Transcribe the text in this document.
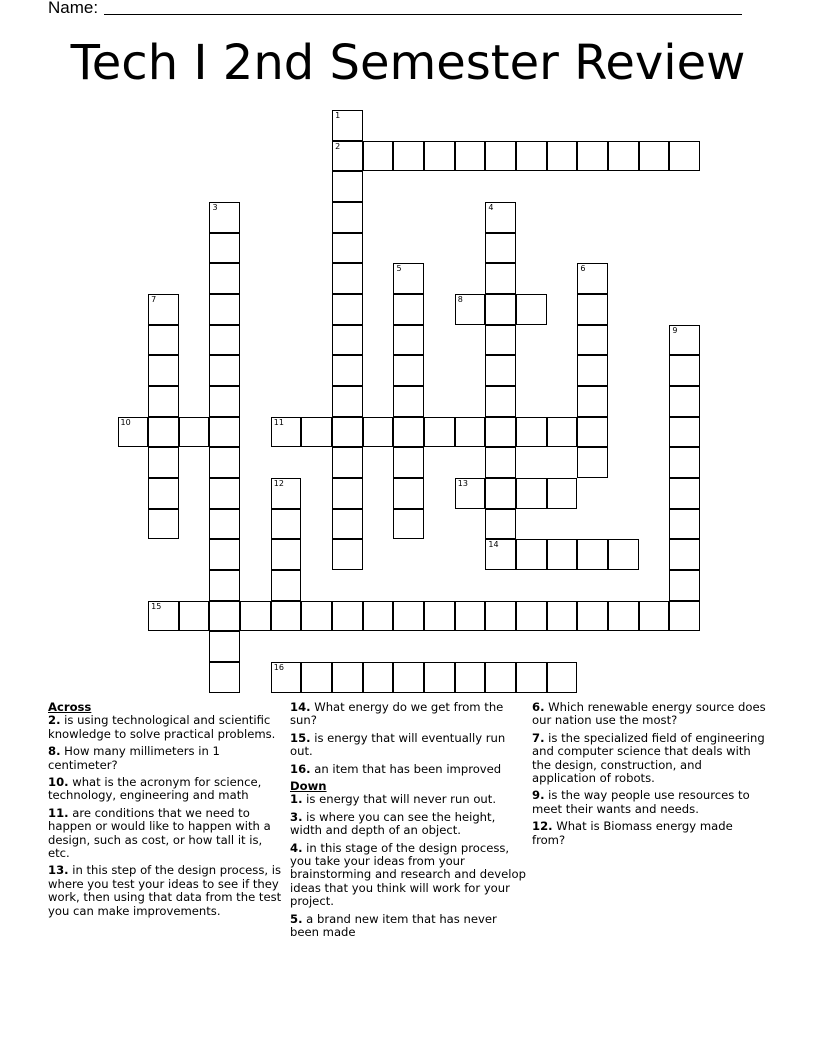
Name:
Tech I 2nd Semester Review
1
2
3	4
14
5	6
7	8
9
10	11
12	13
15
16
Across
2. is using technological and scientific knowledge to solve practical problems.
8. How many millimeters in 1 centimeter?
10. what is the acronym for science, technology, engineering and math
11. are conditions that we need to happen or would like to happen with a design, such as cost, or how tall it is, etc.
13. in this step of the design process, is where you test your ideas to see if they work, then using that data from the test you can make improvements.
14. What energy do we get from the sun?
15. is energy that will eventually run out.
16. an item that has been improved
Down
1. is energy that will never run out.
3. is where you can see the height, width and depth of an object.
4. in this stage of the design process, you take your ideas from your brainstorming and research and develop ideas that you think will work for your project.
5. a brand new item that has never been made
6. Which renewable energy source does our nation use the most?
7. is the specialized field of engineering and computer science that deals with the design, construction, and application of robots.
9. is the way people use resources to meet their wants and needs.
12. What is Biomass energy made from?
